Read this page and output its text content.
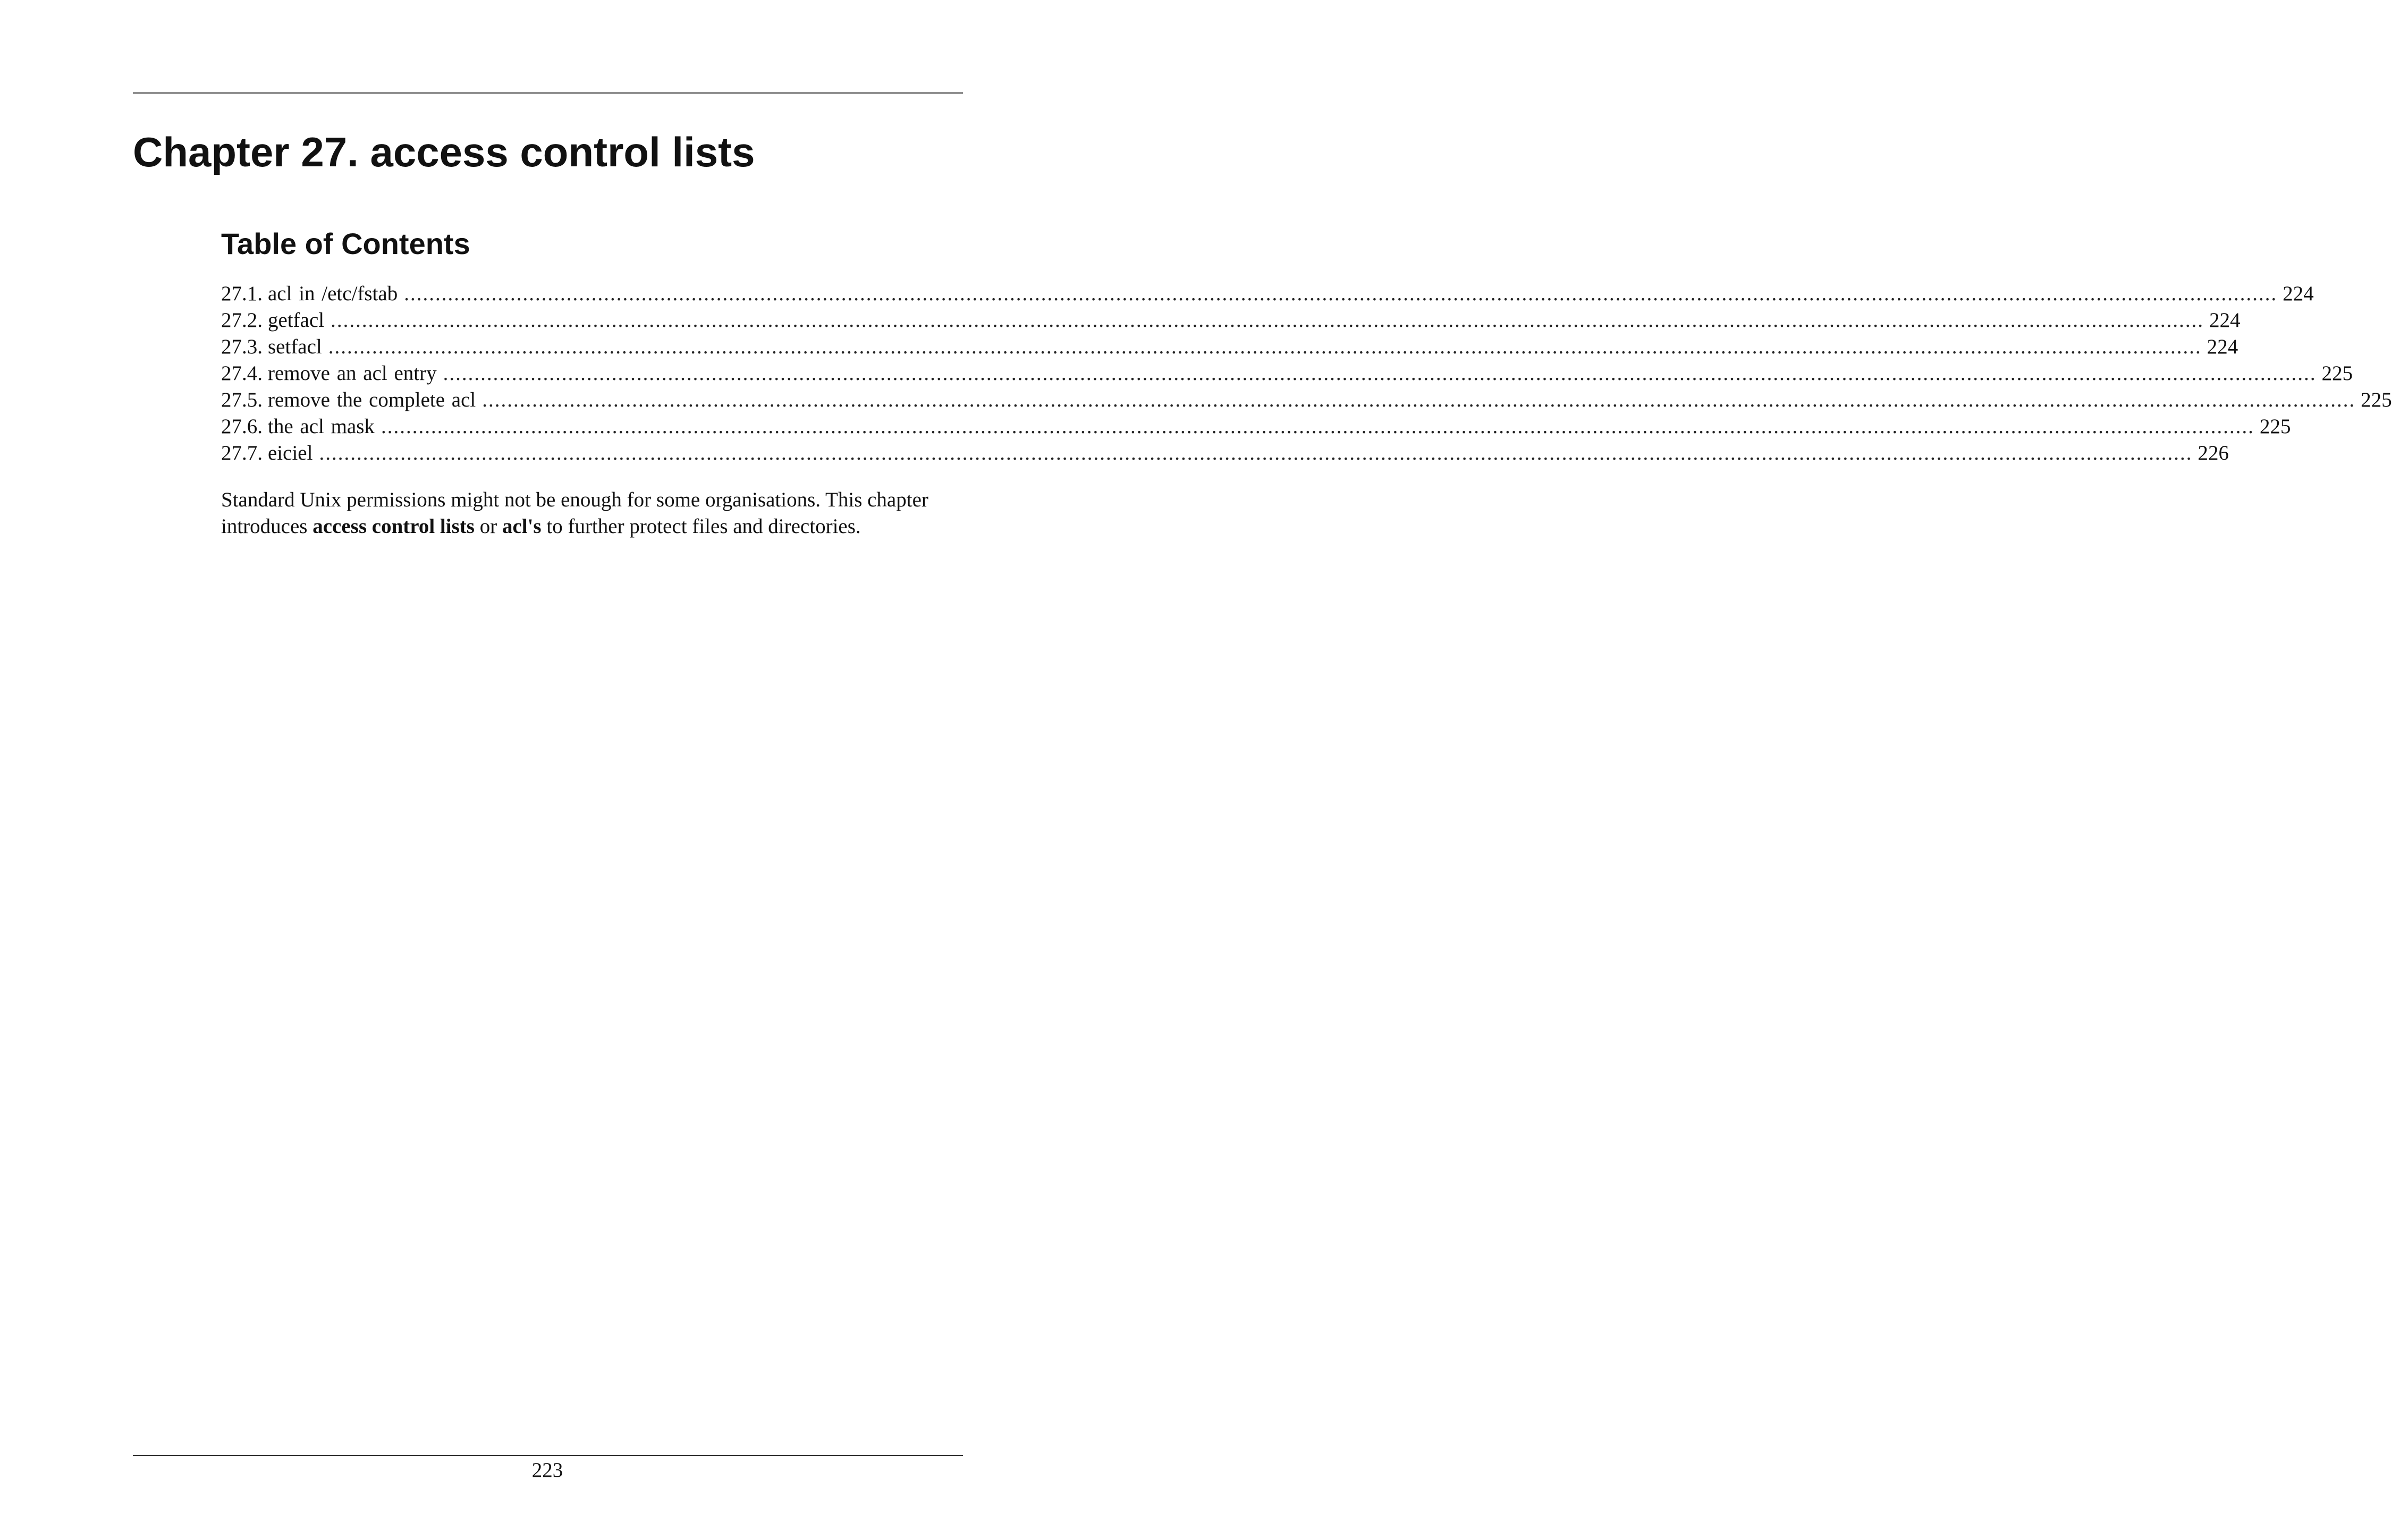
Chapter 27. access control lists
Table of Contents
27.1. acl in /etc/fstab ............................................................................................................................................................................................................................................................................................................ 224
27.2. getfacl ............................................................................................................................................................................................................................................................................................................ 224
27.3. setfacl ............................................................................................................................................................................................................................................................................................................ 224
27.4. remove an acl entry ............................................................................................................................................................................................................................................................................................................ 225
27.5. remove the complete acl ............................................................................................................................................................................................................................................................................................................ 225
27.6. the acl mask ............................................................................................................................................................................................................................................................................................................ 225
27.7. eiciel ............................................................................................................................................................................................................................................................................................................ 226

Standard Unix permissions might not be enough for some organisations. This chapter
introduces access control lists or acl's to further protect files and directories.

223
